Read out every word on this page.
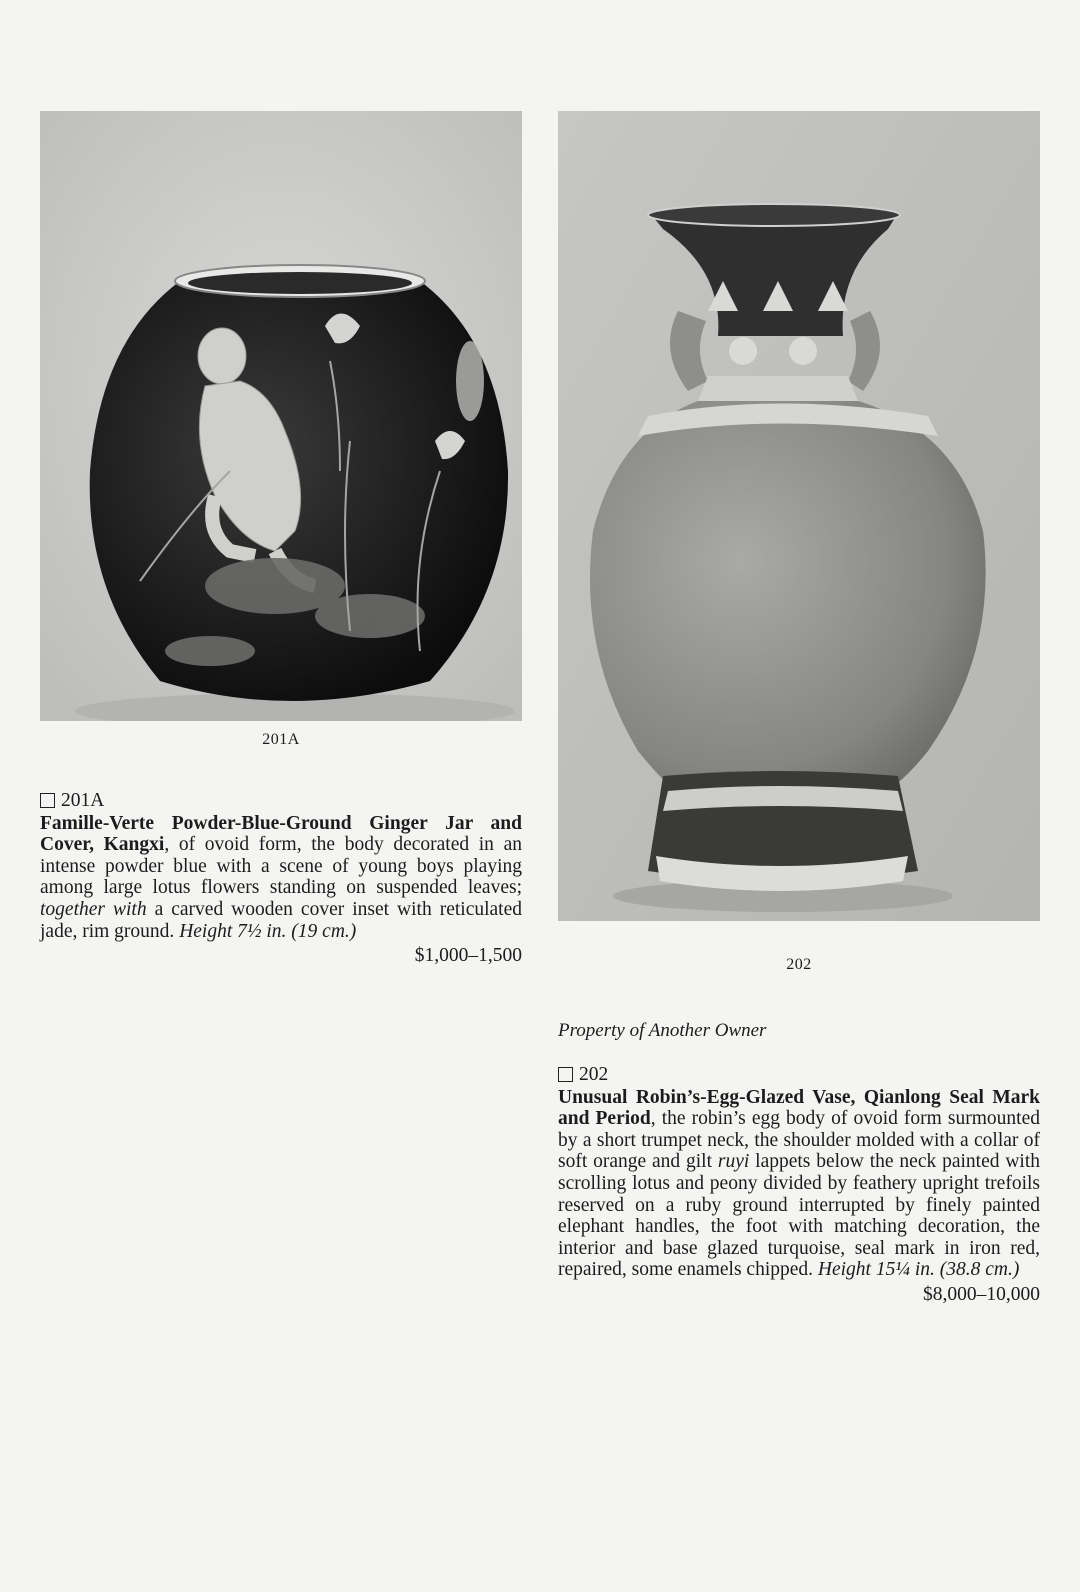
201A
202
201A
Famille-Verte Powder-Blue-Ground Ginger Jar and Cover, Kangxi, of ovoid form, the body decorated in an intense powder blue with a scene of young boys playing among large lotus flowers standing on suspended leaves; together with a carved wooden cover inset with reticulated jade, rim ground. Height 7½ in. (19 cm.)
$1,000–1,500
Property of Another Owner
202
Unusual Robin’s-Egg-Glazed Vase, Qianlong Seal Mark and Period, the robin’s egg body of ovoid form surmounted by a short trumpet neck, the shoulder molded with a collar of soft orange and gilt ruyi lappets below the neck painted with scrolling lotus and peony divided by feathery upright trefoils reserved on a ruby ground interrupted by finely painted elephant handles, the foot with matching decoration, the interior and base glazed turquoise, seal mark in iron red, repaired, some enamels chipped. Height 15¼ in. (38.8 cm.)
$8,000–10,000
